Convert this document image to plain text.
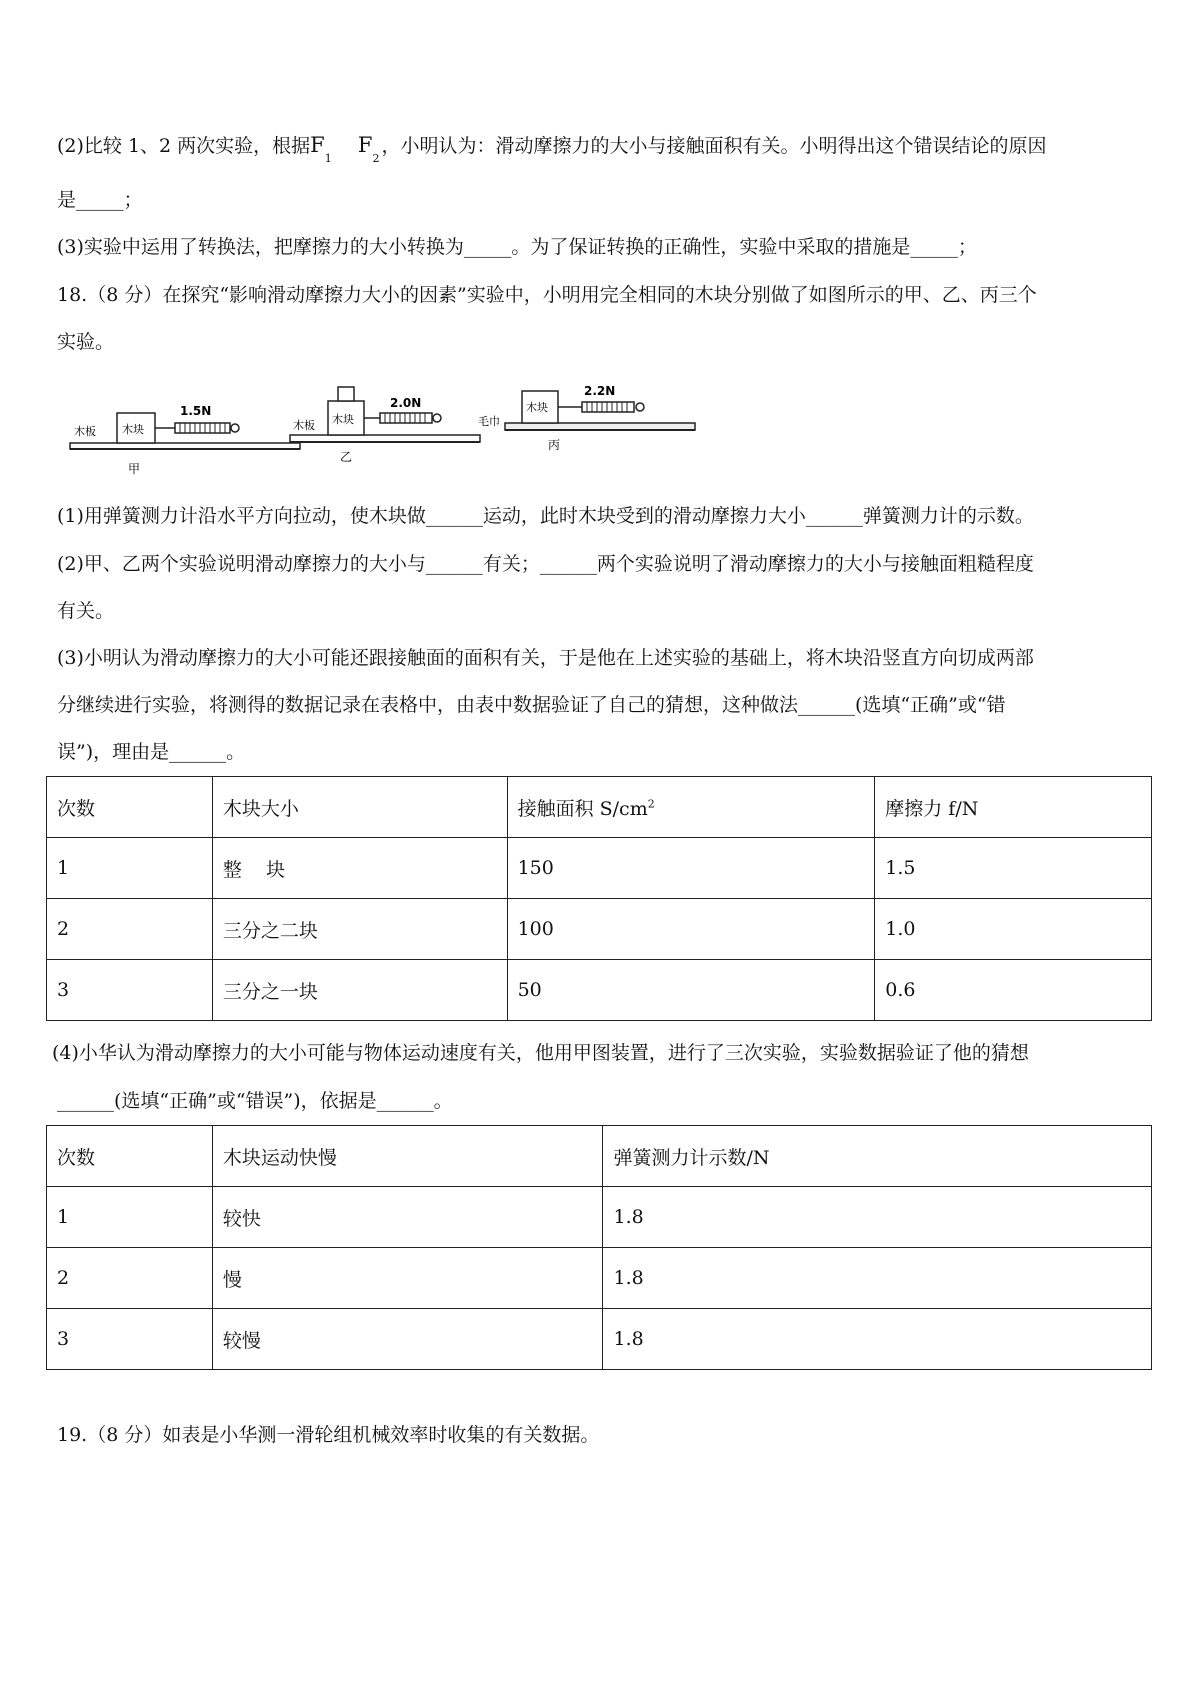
(2)比较 1、2 两次实验，根据$F_1$    $F_2$，小明认为：滑动摩擦力的大小与接触面积有关。小明得出这个错误结论的原因

是_____；

(3)实验中运用了转换法，把摩擦力的大小转换为_____。为了保证转换的正确性，实验中采取的措施是_____；

18.（8 分）在探究“影响滑动摩擦力大小的因素”实验中，小明用完全相同的木块分别做了如图所示的甲、乙、丙三个

实验。

木板 木块
1.5N
甲
木板 木块
2.0N
乙
毛巾
木块
2.2N
丙

(1)用弹簧测力计沿水平方向拉动，使木块做______运动，此时木块受到的滑动摩擦力大小______弹簧测力计的示数。

(2)甲、乙两个实验说明滑动摩擦力的大小与______有关；______两个实验说明了滑动摩擦力的大小与接触面粗糙程度

有关。

(3)小明认为滑动摩擦力的大小可能还跟接触面的面积有关，于是他在上述实验的基础上，将木块沿竖直方向切成两部

分继续进行实验，将测得的数据记录在表格中，由表中数据验证了自己的猜想，这种做法______(选填“正确”或“错

误”)，理由是______。

次数	木块大小	接触面积 $S/cm^2$	摩擦力 f/N
1	整    块	150	1.5
2	三分之二块	100	1.0
3	三分之一块	50	0.6

(4)小华认为滑动摩擦力的大小可能与物体运动速度有关，他用甲图装置，进行了三次实验，实验数据验证了他的猜想

______(选填“正确”或“错误”)，依据是______。

次数	木块运动快慢	弹簧测力计示数/N
1	较快	1.8
2	慢	1.8
3	较慢	1.8

19.（8 分）如表是小华测一滑轮组机械效率时收集的有关数据。
